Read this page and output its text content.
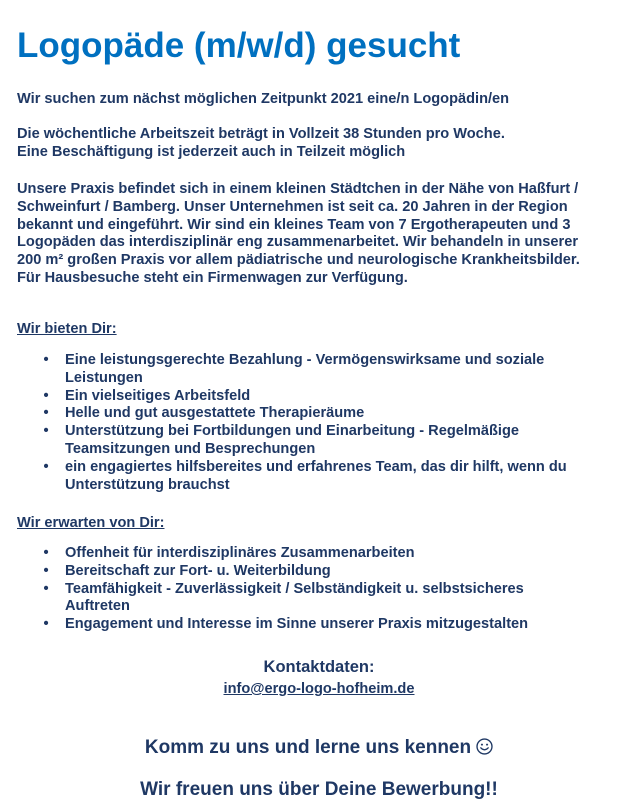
Logopäde (m/w/d) gesucht

Wir suchen zum nächst möglichen Zeitpunkt 2021 eine/n Logopädin/en

Die wöchentliche Arbeitszeit beträgt in Vollzeit 38 Stunden pro Woche.
Eine Beschäftigung ist jederzeit auch in Teilzeit möglich

Unsere Praxis befindet sich in einem kleinen Städtchen in der Nähe von Haßfurt /
Schweinfurt / Bamberg. Unser Unternehmen ist seit ca. 20 Jahren in der Region
bekannt und eingeführt. Wir sind ein kleines Team von 7 Ergotherapeuten und 3
Logopäden das interdisziplinär eng zusammenarbeitet. Wir behandeln in unserer
200 m² großen Praxis vor allem pädiatrische und neurologische Krankheitsbilder.
Für Hausbesuche steht ein Firmenwagen zur Verfügung.

Wir bieten Dir:
• Eine leistungsgerechte Bezahlung - Vermögenswirksame und soziale
Leistungen
• Ein vielseitiges Arbeitsfeld
• Helle und gut ausgestattete Therapieräume
• Unterstützung bei Fortbildungen und Einarbeitung - Regelmäßige
Teamsitzungen und Besprechungen
• ein engagiertes hilfsbereites und erfahrenes Team, das dir hilft, wenn du
Unterstützung brauchst
Wir erwarten von Dir:
• Offenheit für interdisziplinäres Zusammenarbeiten
• Bereitschaft zur Fort- u. Weiterbildung
• Teamfähigkeit - Zuverlässigkeit / Selbständigkeit u. selbstsicheres
Auftreten
• Engagement und Interesse im Sinne unserer Praxis mitzugestalten

Kontaktdaten:

info@ergo-logo-hofheim.de

Komm zu uns und lerne uns kennen

Wir freuen uns über Deine Bewerbung!!
